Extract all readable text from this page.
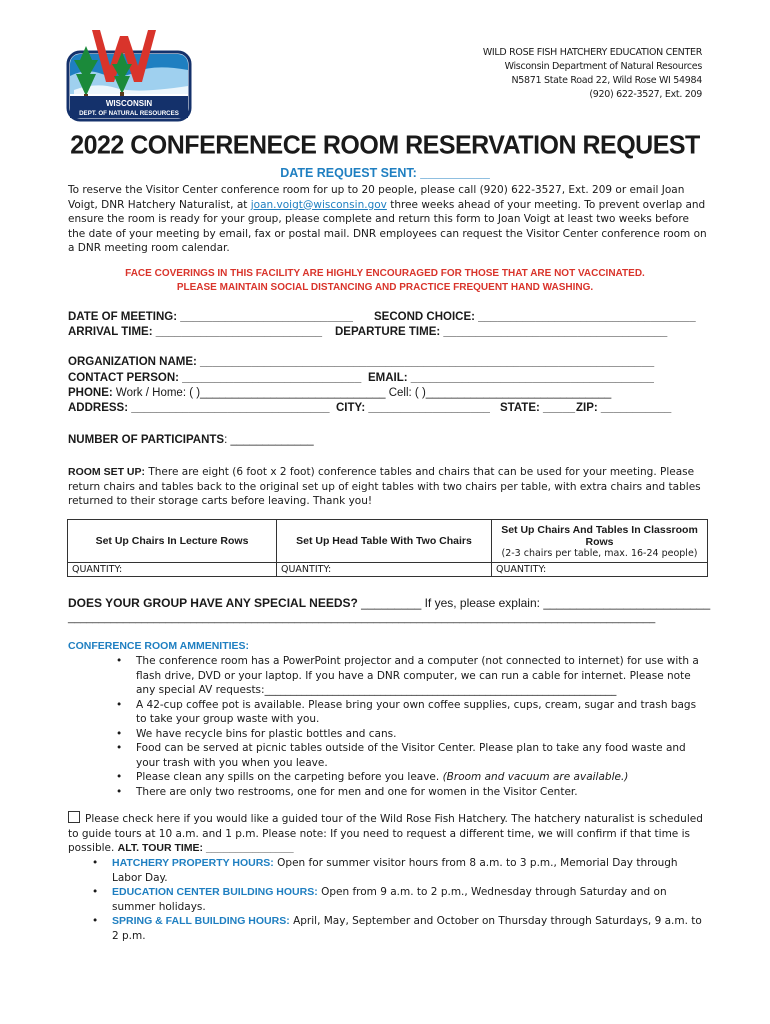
WISCONSIN
DEPT. OF NATURAL RESOURCES
WILD ROSE FISH HATCHERY EDUCATION CENTER
Wisconsin Department of Natural Resources
N5871 State Road 22, Wild Rose WI 54984
(920) 622-3527, Ext. 209
2022 CONFERENECE ROOM RESERVATION REQUEST
DATE REQUEST SENT: __________
To reserve the Visitor Center conference room for up to 20 people, please call (920) 622-3527, Ext. 209 or email Joan Voigt, DNR Hatchery Naturalist, at joan.voigt@wisconsin.gov three weeks ahead of your meeting. To prevent overlap and ensure the room is ready for your group, please complete and return this form to Joan Voigt at least two weeks before the date of your meeting by email, fax or postal mail. DNR employees can request the Visitor Center conference room on a DNR meeting room calendar.
FACE COVERINGS IN THIS FACILITY ARE HIGHLY ENCOURAGED FOR THOSE THAT ARE NOT VACCINATED.
PLEASE MAINTAIN SOCIAL DISTANCING AND PRACTICE FREQUENT HAND WASHING.
DATE OF MEETING: ___________________________ SECOND CHOICE: __________________________________
ARRIVAL TIME: __________________________ DEPARTURE TIME: ___________________________________
ORGANIZATION NAME: _______________________________________________________________________
CONTACT PERSON: ____________________________ EMAIL: ______________________________________
PHONE: Work / Home: ( )_____________________________ Cell: ( )_____________________________
ADDRESS: _______________________________ CITY: ___________________ STATE: _____ ZIP: ___________
NUMBER OF PARTICIPANTS: _____________
ROOM SET UP: There are eight (6 foot x 2 foot) conference tables and chairs that can be used for your meeting. Please return chairs and tables back to the original set up of eight tables with two chairs per table, with extra chairs and tables returned to their storage carts before leaving. Thank you!
Set Up Chairs In Lecture Rows	Set Up Head Table With Two Chairs	Set Up Chairs And Tables In Classroom Rows
(2-3 chairs per table, max. 16-24 people)

QUANTITY:	QUANTITY:	QUANTITY:
DOES YOUR GROUP HAVE ANY SPECIAL NEEDS? _________ If yes, please explain: _________________________
________________________________________________________________________________________________
CONFERENCE ROOM AMMENITIES:
• The conference room has a PowerPoint projector and a computer (not connected to internet) for use with a flash drive, DVD or your laptop. If you have a DNR computer, we can run a cable for internet. Please note any special AV requests:___________________________________________________________________
• A 42-cup coffee pot is available. Please bring your own coffee supplies, cups, cream, sugar and trash bags to take your group waste with you.
• We have recycle bins for plastic bottles and cans.
• Food can be served at picnic tables outside of the Visitor Center. Please plan to take any food waste and your trash with you when you leave.
• Please clean any spills on the carpeting before you leave. (Broom and vacuum are available.)
• There are only two restrooms, one for men and one for women in the Visitor Center.
Please check here if you would like a guided tour of the Wild Rose Fish Hatchery. The hatchery naturalist is scheduled to guide tours at 10 a.m. and 1 p.m. Please note: If you need to request a different time, we will confirm if that time is possible. ALT. TOUR TIME: _______________
• HATCHERY PROPERTY HOURS: Open for summer visitor hours from 8 a.m. to 3 p.m., Memorial Day through Labor Day.
• EDUCATION CENTER BUILDING HOURS: Open from 9 a.m. to 2 p.m., Wednesday through Saturday and on summer holidays.
• SPRING & FALL BUILDING HOURS: April, May, September and October on Thursday through Saturdays, 9 a.m. to 2 p.m.
